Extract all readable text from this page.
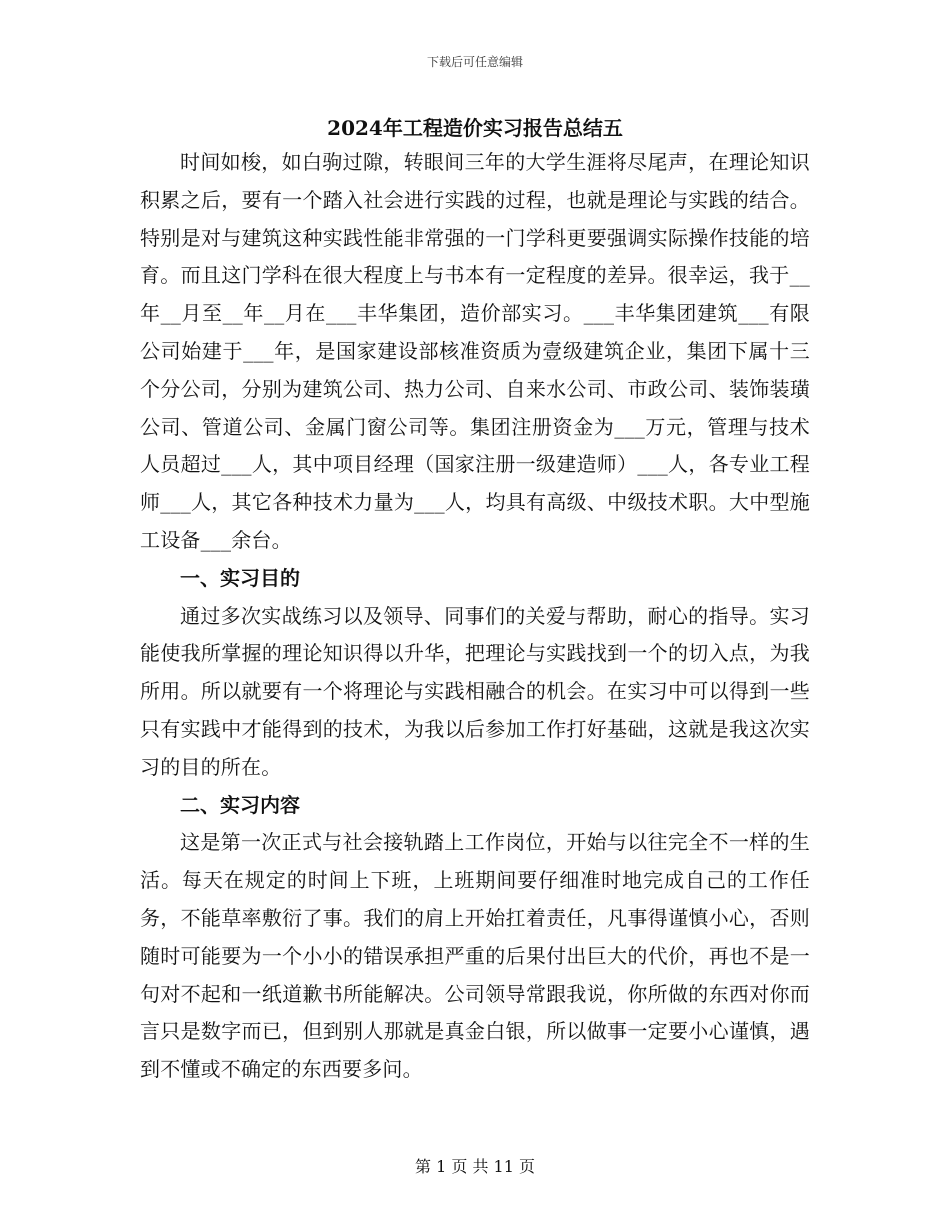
下载后可任意编辑
2024年工程造价实习报告总结五

时间如梭，如白驹过隙，转眼间三年的大学生涯将尽尾声，在理论知识积累之后，要有一个踏入社会进行实践的过程，也就是理论与实践的结合。特别是对与建筑这种实践性能非常强的一门学科更要强调实际操作技能的培育。而且这门学科在很大程度上与书本有一定程度的差异。很幸运，我于__年__月至__年__月在___丰华集团，造价部实习。___丰华集团建筑___有限公司始建于___年，是国家建设部核准资质为壹级建筑企业，集团下属十三个分公司，分别为建筑公司、热力公司、自来水公司、市政公司、装饰装璜公司、管道公司、金属门窗公司等。集团注册资金为___万元，管理与技术人员超过___人，其中项目经理（国家注册一级建造师）___人，各专业工程师___人，其它各种技术力量为___人，均具有高级、中级技术职。大中型施工设备___余台。

一、实习目的

通过多次实战练习以及领导、同事们的关爱与帮助，耐心的指导。实习能使我所掌握的理论知识得以升华，把理论与实践找到一个的切入点，为我所用。所以就要有一个将理论与实践相融合的机会。在实习中可以得到一些只有实践中才能得到的技术，为我以后参加工作打好基础，这就是我这次实习的目的所在。

二、实习内容

这是第一次正式与社会接轨踏上工作岗位，开始与以往完全不一样的生活。每天在规定的时间上下班，上班期间要仔细准时地完成自己的工作任务，不能草率敷衍了事。我们的肩上开始扛着责任，凡事得谨慎小心，否则随时可能要为一个小小的错误承担严重的后果付出巨大的代价，再也不是一句对不起和一纸道歉书所能解决。公司领导常跟我说，你所做的东西对你而言只是数字而已，但到别人那就是真金白银，所以做事一定要小心谨慎，遇到不懂或不确定的东西要多问。

第 1 页 共 11 页
